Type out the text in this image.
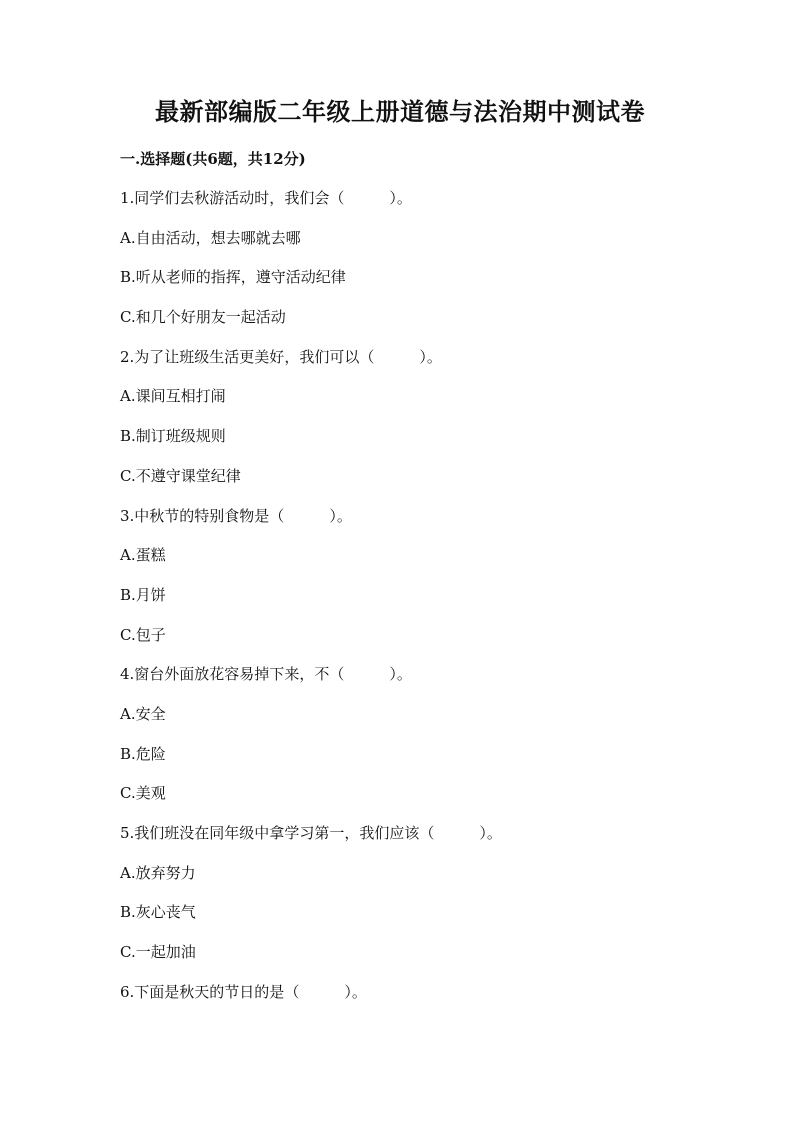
最新部编版二年级上册道德与法治期中测试卷
一.选择题(共6题，共12分)
1.同学们去秋游活动时，我们会（　　　）。
A.自由活动，想去哪就去哪
B.听从老师的指挥，遵守活动纪律
C.和几个好朋友一起活动
2.为了让班级生活更美好，我们可以（　　　）。
A.课间互相打闹
B.制订班级规则
C.不遵守课堂纪律
3.中秋节的特别食物是（　　　）。
A.蛋糕
B.月饼
C.包子
4.窗台外面放花容易掉下来，不（　　　）。
A.安全
B.危险
C.美观
5.我们班没在同年级中拿学习第一，我们应该（　　　）。
A.放弃努力
B.灰心丧气
C.一起加油
6.下面是秋天的节日的是（　　　）。
